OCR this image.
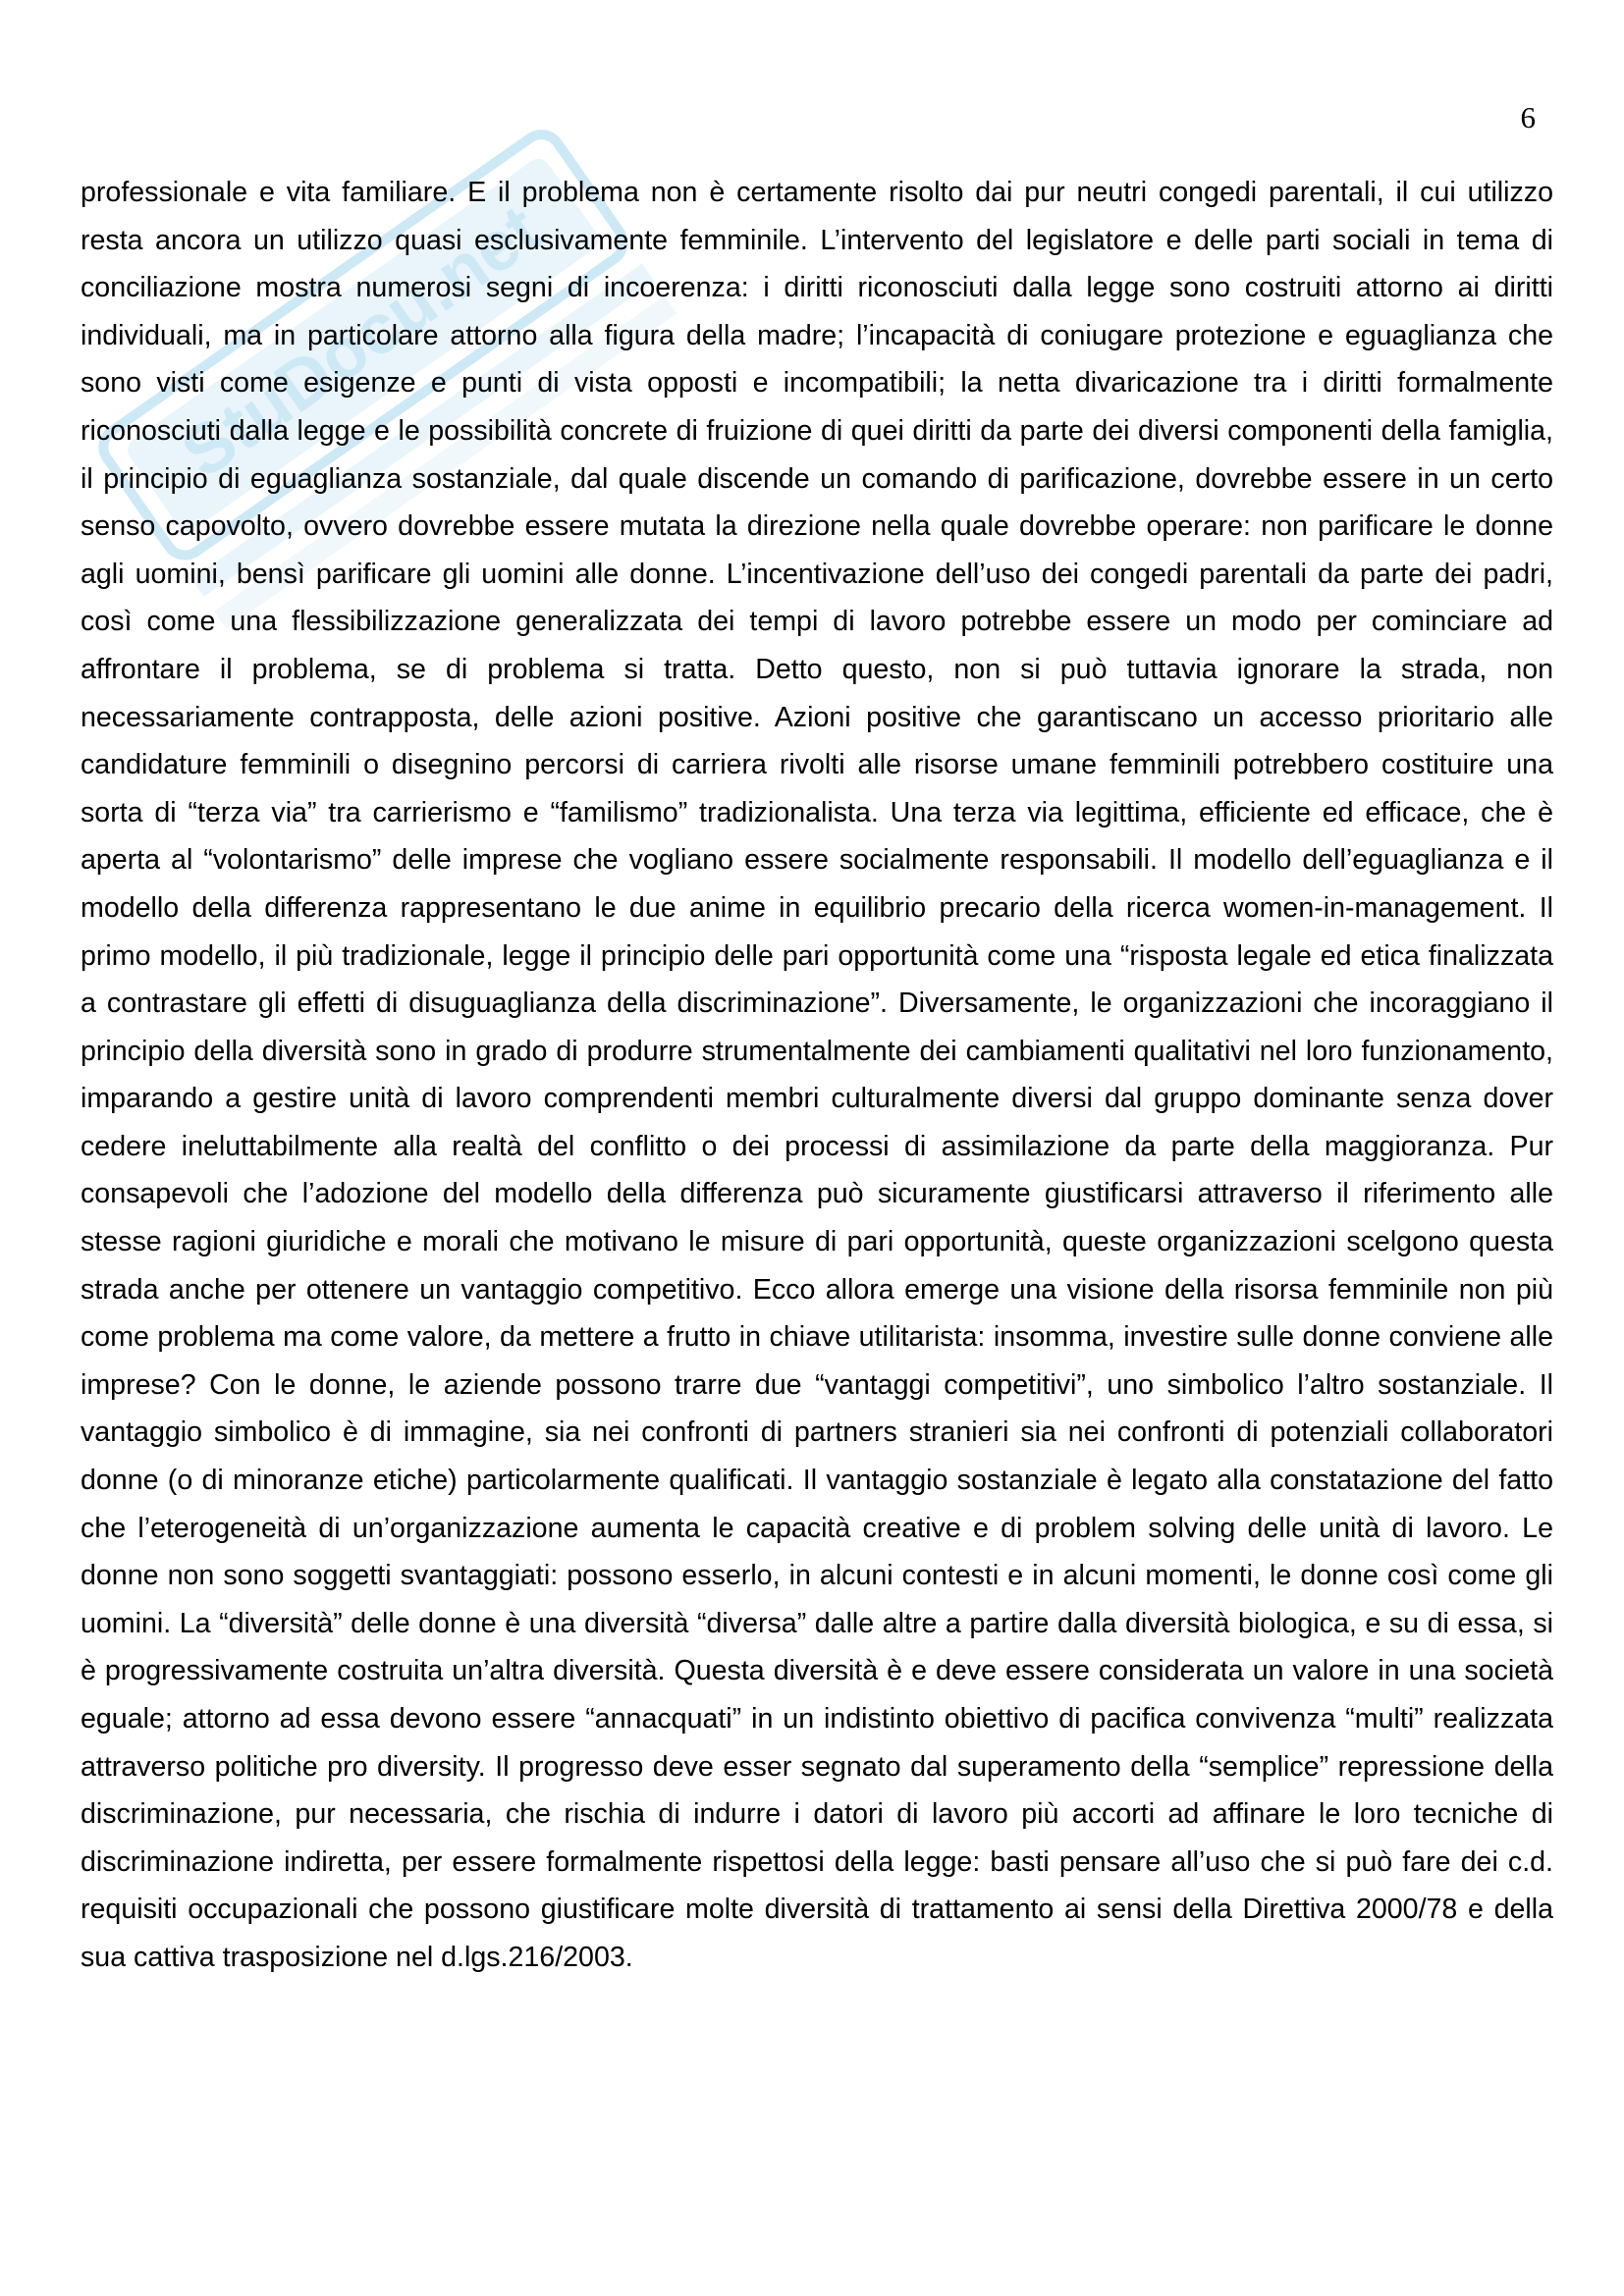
StuDocu.net
6

professionale e vita familiare. E il problema non è certamente risolto dai pur neutri congedi parentali, il cui utilizzo resta ancora un utilizzo quasi esclusivamente femminile. L’intervento del legislatore e delle parti sociali in tema di conciliazione mostra numerosi segni di incoerenza: i diritti riconosciuti dalla legge sono costruiti attorno ai diritti individuali, ma in particolare attorno alla figura della madre; l’incapacità di coniugare protezione e eguaglianza che sono visti come esigenze e punti di vista opposti e incompatibili; la netta divaricazione tra i diritti formalmente riconosciuti dalla legge e le possibilità concrete di fruizione di quei diritti da parte dei diversi componenti della famiglia, il principio di eguaglianza sostanziale, dal quale discende un comando di parificazione, dovrebbe essere in un certo senso capovolto, ovvero dovrebbe essere mutata la direzione nella quale dovrebbe operare: non parificare le donne agli uomini, bensì parificare gli uomini alle donne. L’incentivazione dell’uso dei congedi parentali da parte dei padri, così come una flessibilizzazione generalizzata dei tempi di lavoro potrebbe essere un modo per cominciare ad affrontare il problema, se di problema si tratta. Detto questo, non si può tuttavia ignorare la strada, non necessariamente contrapposta, delle azioni positive. Azioni positive che garantiscano un accesso prioritario alle candidature femminili o disegnino percorsi di carriera rivolti alle risorse umane femminili potrebbero costituire una sorta di “terza via” tra carrierismo e “familismo” tradizionalista. Una terza via legittima, efficiente ed efficace, che è aperta al “volontarismo” delle imprese che vogliano essere socialmente responsabili. Il modello dell’eguaglianza e il modello della differenza rappresentano le due anime in equilibrio precario della ricerca women-in-management. Il primo modello, il più tradizionale, legge il principio delle pari opportunità come una “risposta legale ed etica finalizzata a contrastare gli effetti di disuguaglianza della discriminazione”. Diversamente, le organizzazioni che incoraggiano il principio della diversità sono in grado di produrre strumentalmente dei cambiamenti qualitativi nel loro funzionamento, imparando a gestire unità di lavoro comprendenti membri culturalmente diversi dal gruppo dominante senza dover cedere ineluttabilmente alla realtà del conflitto o dei processi di assimilazione da parte della maggioranza. Pur consapevoli che l’adozione del modello della differenza può sicuramente giustificarsi attraverso il riferimento alle stesse ragioni giuridiche e morali che motivano le misure di pari opportunità, queste organizzazioni scelgono questa strada anche per ottenere un vantaggio competitivo. Ecco allora emerge una visione della risorsa femminile non più come problema ma come valore, da mettere a frutto in chiave utilitarista: insomma, investire sulle donne conviene alle imprese? Con le donne, le aziende possono trarre due “vantaggi competitivi”, uno simbolico l’altro sostanziale. Il vantaggio simbolico è di immagine, sia nei confronti di partners stranieri sia nei confronti di potenziali collaboratori donne (o di minoranze etiche) particolarmente qualificati. Il vantaggio sostanziale è legato alla constatazione del fatto che l’eterogeneità di un’organizzazione aumenta le capacità creative e di problem solving delle unità di lavoro. Le donne non sono soggetti svantaggiati: possono esserlo, in alcuni contesti e in alcuni momenti, le donne così come gli uomini. La “diversità” delle donne è una diversità “diversa” dalle altre a partire dalla diversità biologica, e su di essa, si è progressivamente costruita un’altra diversità. Questa diversità è e deve essere considerata un valore in una società eguale; attorno ad essa devono essere “annacquati” in un indistinto obiettivo di pacifica convivenza “multi” realizzata attraverso politiche pro diversity. Il progresso deve esser segnato dal superamento della “semplice” repressione della discriminazione, pur necessaria, che rischia di indurre i datori di lavoro più accorti ad affinare le loro tecniche di discriminazione indiretta, per essere formalmente rispettosi della legge: basti pensare all’uso che si può fare dei c.d. requisiti occupazionali che possono giustificare molte diversità di trattamento ai sensi della Direttiva 2000/78 e della sua cattiva trasposizione nel d.lgs.216/2003.
